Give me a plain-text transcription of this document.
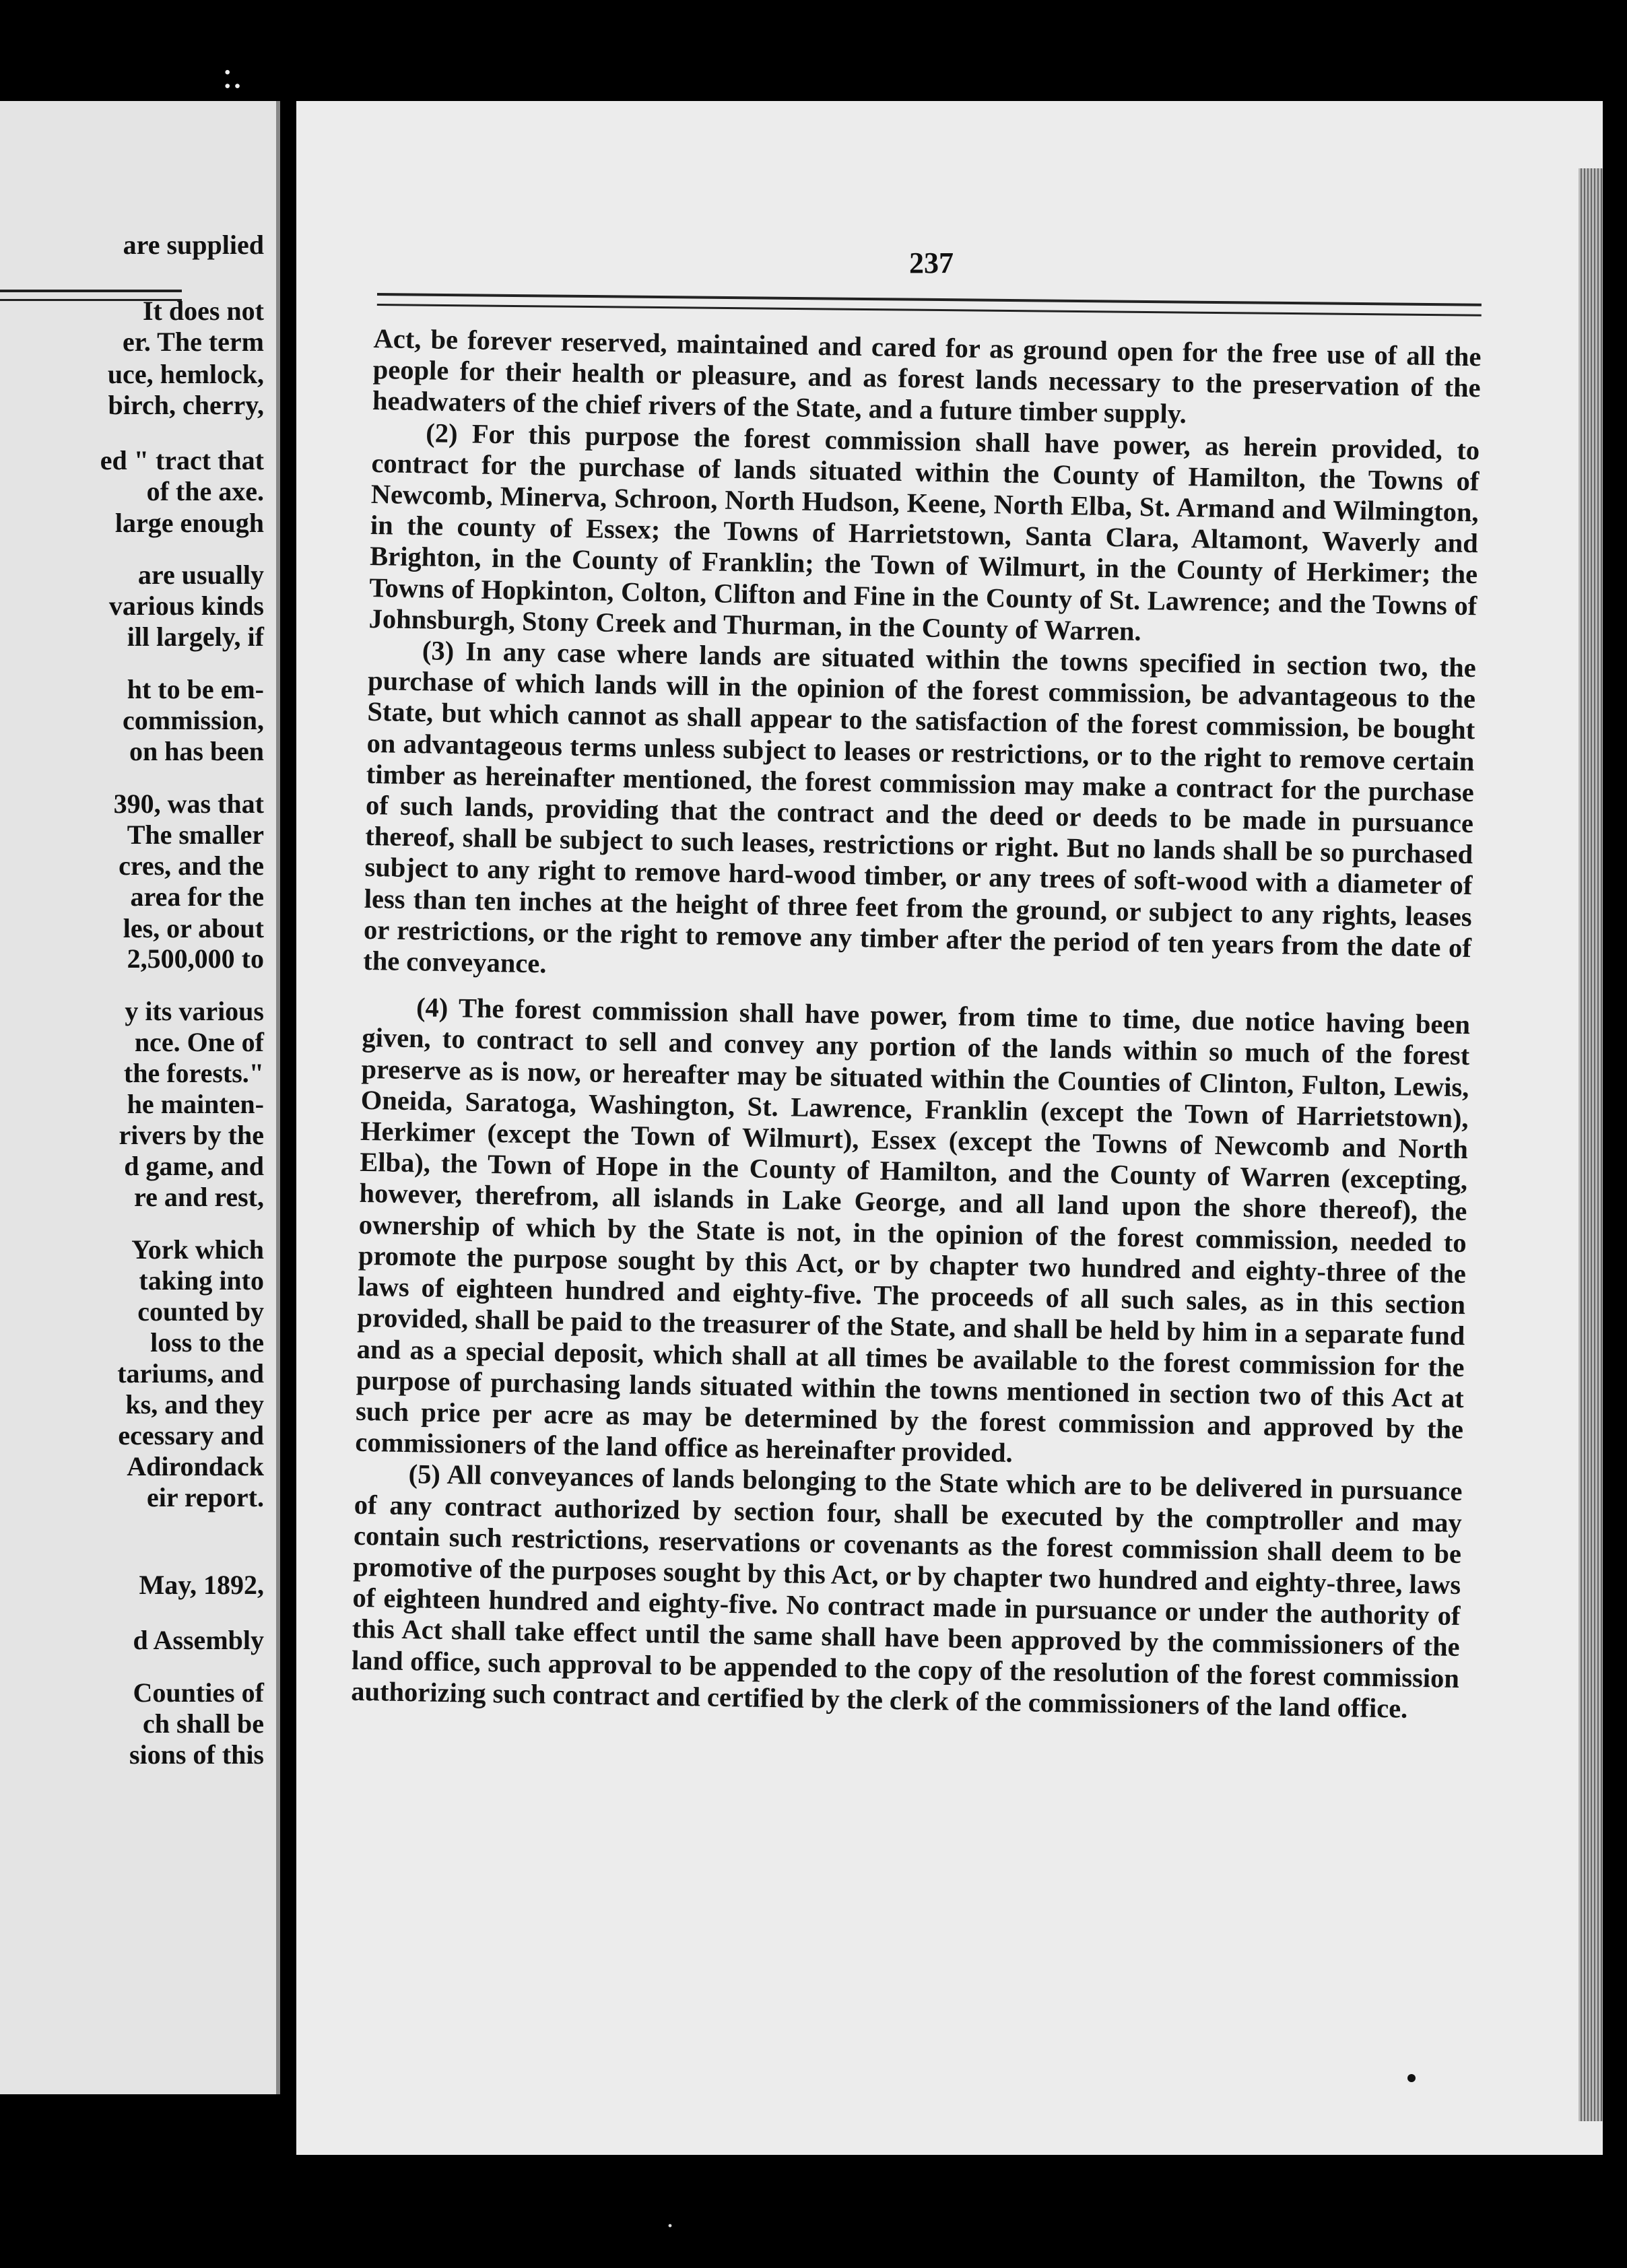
:.
are supplied
It does not
er. The term
uce, hemlock,
birch, cherry,
ed " tract that
of the axe.
large enough
are usually
various kinds
ill largely, if
ht to be em-
commission,
on has been
390, was that
The smaller
cres, and the
area for the
les, or about
2,500,000 to
y its various
nce. One of
the forests."
he mainten-
rivers by the
d game, and
re and rest,
York which
taking into
counted by
loss to the
tariums, and
ks, and they
ecessary and
Adirondack
eir report.
May, 1892,
d Assembly
Counties of
ch shall be
sions of this
237

Act, be forever reserved, maintained and cared for as ground open for the free use of all the people for their health or pleasure, and as forest lands necessary to the preservation of the headwaters of the chief rivers of the State, and a future timber supply.

(2) For this purpose the forest commission shall have power, as herein provided, to contract for the purchase of lands situated within the County of Hamilton, the Towns of Newcomb, Minerva, Schroon, North Hudson, Keene, North Elba, St. Armand and Wilmington, in the county of Essex; the Towns of Harrietstown, Santa Clara, Altamont, Waverly and Brighton, in the County of Franklin; the Town of Wilmurt, in the County of Herkimer; the Towns of Hopkinton, Colton, Clifton and Fine in the County of St. Lawrence; and the Towns of Johnsburgh, Stony Creek and Thurman, in the County of Warren.

(3) In any case where lands are situated within the towns specified in section two, the purchase of which lands will in the opinion of the forest commission, be advantageous to the State, but which cannot as shall appear to the satisfaction of the forest commission, be bought on advantageous terms unless subject to leases or restrictions, or to the right to remove certain timber as hereinafter mentioned, the forest commission may make a contract for the purchase of such lands, providing that the contract and the deed or deeds to be made in pursuance thereof, shall be subject to such leases, restrictions or right. But no lands shall be so purchased subject to any right to remove hard-wood timber, or any trees of soft-wood with a diameter of less than ten inches at the height of three feet from the ground, or subject to any rights, leases or restrictions, or the right to remove any timber after the period of ten years from the date of the conveyance.

(4) The forest commission shall have power, from time to time, due notice having been given, to contract to sell and convey any portion of the lands within so much of the forest preserve as is now, or hereafter may be situated within the Counties of Clinton, Fulton, Lewis, Oneida, Saratoga, Washington, St. Lawrence, Franklin (except the Town of Harrietstown), Herkimer (except the Town of Wilmurt), Essex (except the Towns of Newcomb and North Elba), the Town of Hope in the County of Hamilton, and the County of Warren (excepting, however, therefrom, all islands in Lake George, and all land upon the shore thereof), the ownership of which by the State is not, in the opinion of the forest commission, needed to promote the purpose sought by this Act, or by chapter two hundred and eighty-three of the laws of eighteen hundred and eighty-five. The proceeds of all such sales, as in this section provided, shall be paid to the treasurer of the State, and shall be held by him in a separate fund and as a special deposit, which shall at all times be available to the forest commission for the purpose of purchasing lands situated within the towns mentioned in section two of this Act at such price per acre as may be determined by the forest commission and approved by the commissioners of the land office as hereinafter provided.

(5) All conveyances of lands belonging to the State which are to be delivered in pursuance of any contract authorized by section four, shall be executed by the comptroller and may contain such restrictions, reservations or covenants as the forest commission shall deem to be promotive of the purposes sought by this Act, or by chapter two hundred and eighty-three, laws of eighteen hundred and eighty-five. No contract made in pursuance or under the authority of this Act shall take effect until the same shall have been approved by the commissioners of the land office, such approval to be appended to the copy of the resolution of the forest commission authorizing such contract and certified by the clerk of the commissioners of the land office.

.
